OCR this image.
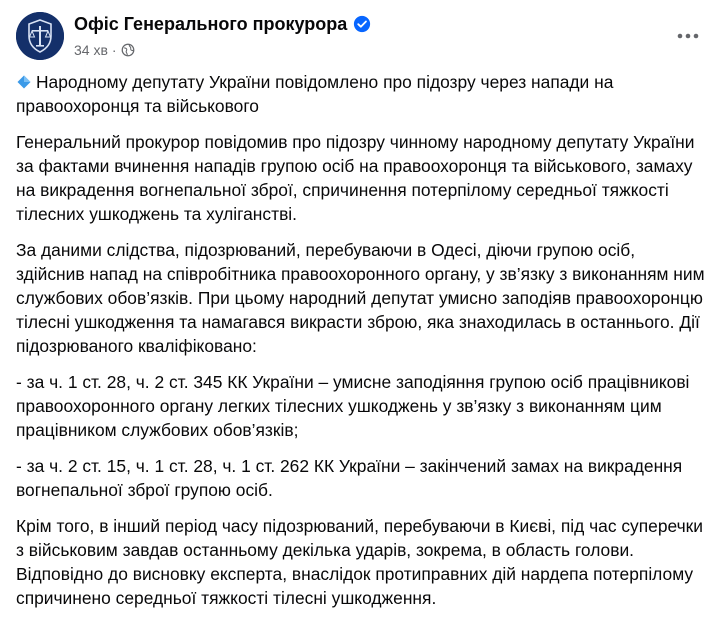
Офіс Генерального прокурора
34 хв ·

Народному депутату України повідомлено про підозру через напади на правоохоронця та військового

Генеральний прокурор повідомив про підозру чинному народному депутату України за фактами вчинення нападів групою осіб на правоохоронця та військового, замаху на викрадення вогнепальної зброї, спричинення потерпілому середньої тяжкості тілесних ушкоджень та хуліганстві.

За даними слідства, підозрюваний, перебуваючи в Одесі, діючи групою осіб, здійснив напад на співробітника правоохоронного органу, у зв’язку з виконанням ним службових обов’язків. При цьому народний депутат умисно заподіяв правоохоронцю тілесні ушкодження та намагався викрасти зброю, яка знаходилась в останнього. Дії підозрюваного кваліфіковано:

- за ч. 1 ст. 28, ч. 2 ст. 345 КК України – умисне заподіяння групою осіб працівникові правоохоронного органу легких тілесних ушкоджень у зв’язку з виконанням цим працівником службових обов’язків;

- за ч. 2 ст. 15, ч. 1 ст. 28, ч. 1 ст. 262 КК України – закінчений замах на викрадення вогнепальної зброї групою осіб.

Крім того, в інший період часу підозрюваний, перебуваючи в Києві, під час суперечки з військовим завдав останньому декілька ударів, зокрема, в область голови. Відповідно до висновку експерта, внаслідок протиправних дій нардепа потерпілому спричинено середньої тяжкості тілесні ушкодження.
